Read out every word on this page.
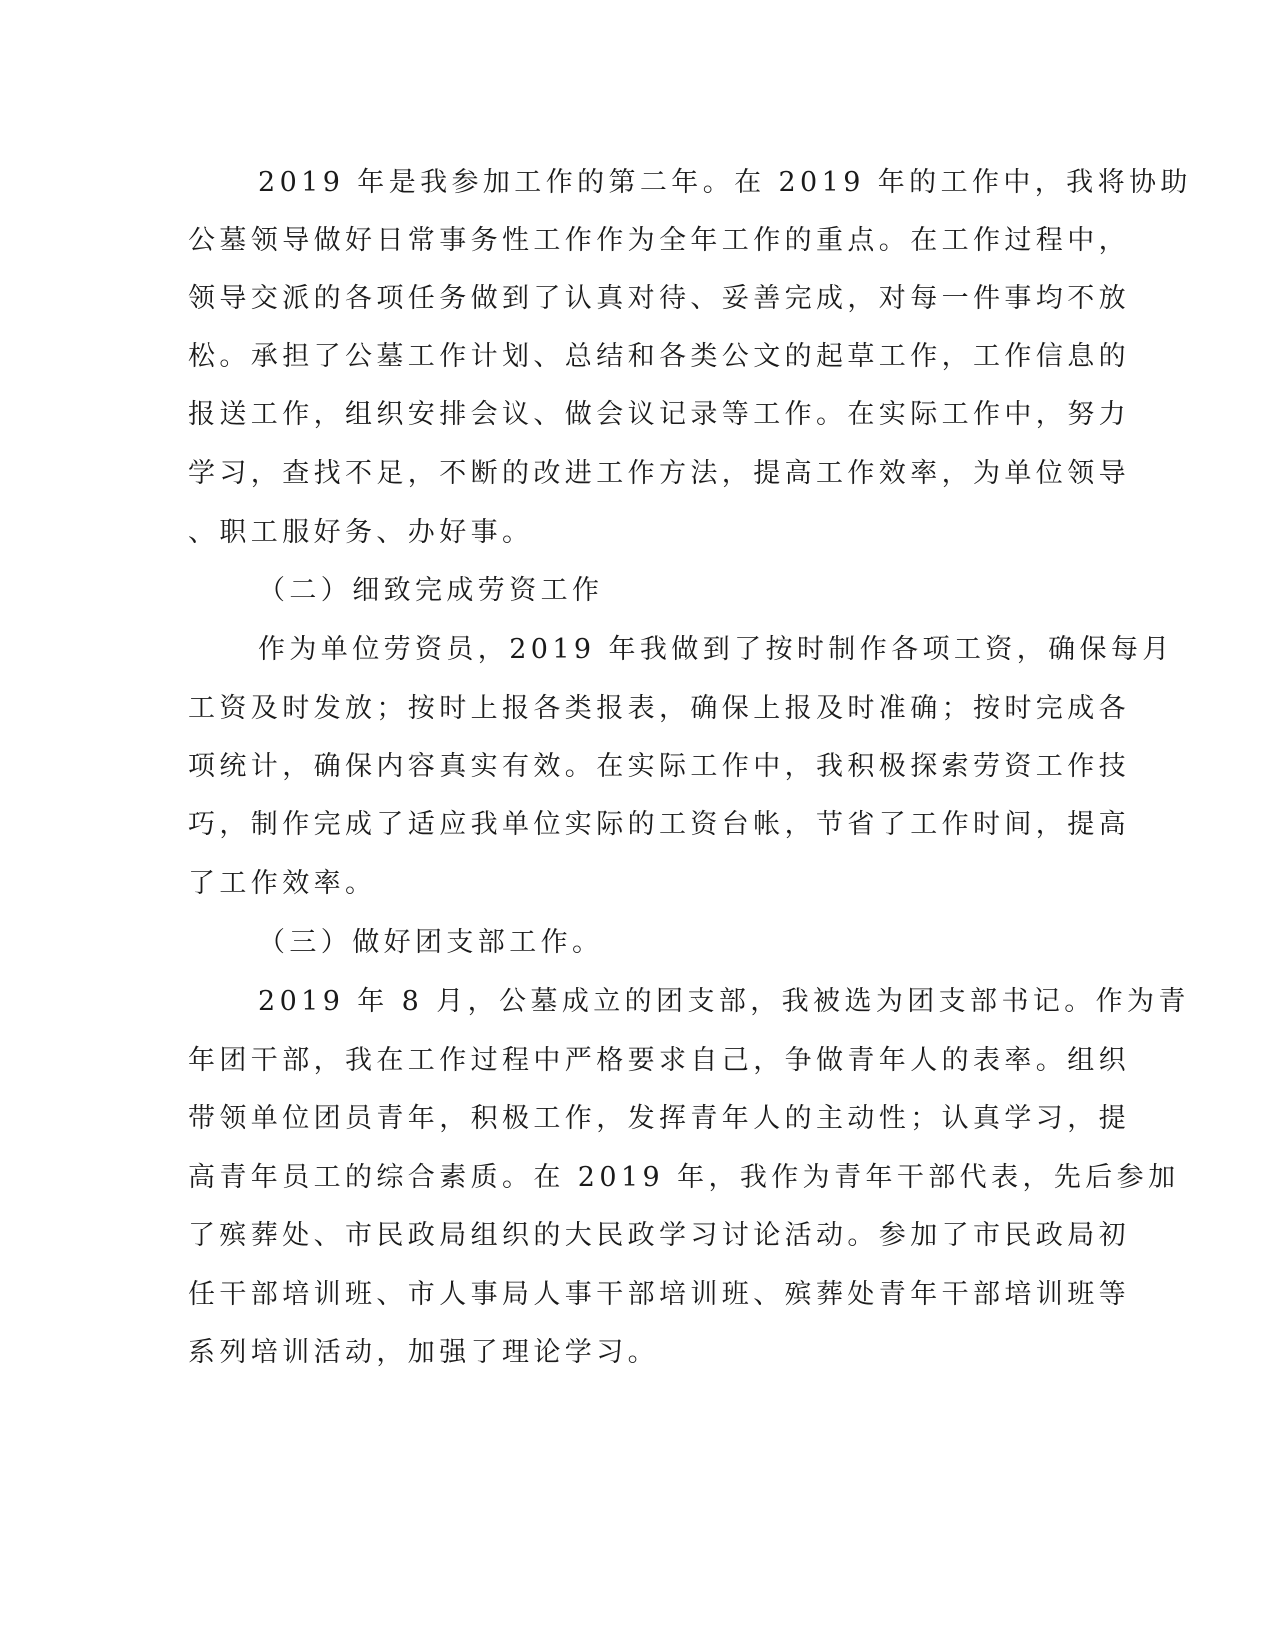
2019 年是我参加工作的第二年。在 2019 年的工作中，我将协助
公墓领导做好日常事务性工作作为全年工作的重点。在工作过程中，
领导交派的各项任务做到了认真对待、妥善完成，对每一件事均不放
松。承担了公墓工作计划、总结和各类公文的起草工作，工作信息的
报送工作，组织安排会议、做会议记录等工作。在实际工作中，努力
学习，查找不足，不断的改进工作方法，提高工作效率，为单位领导
、职工服好务、办好事。
（二）细致完成劳资工作
作为单位劳资员，2019 年我做到了按时制作各项工资，确保每月
工资及时发放；按时上报各类报表，确保上报及时准确；按时完成各
项统计，确保内容真实有效。在实际工作中，我积极探索劳资工作技
巧，制作完成了适应我单位实际的工资台帐，节省了工作时间，提高
了工作效率。
（三）做好团支部工作。
2019 年 8 月，公墓成立的团支部，我被选为团支部书记。作为青
年团干部，我在工作过程中严格要求自己，争做青年人的表率。组织
带领单位团员青年，积极工作，发挥青年人的主动性；认真学习，提
高青年员工的综合素质。在 2019 年，我作为青年干部代表，先后参加
了殡葬处、市民政局组织的大民政学习讨论活动。参加了市民政局初
任干部培训班、市人事局人事干部培训班、殡葬处青年干部培训班等
系列培训活动，加强了理论学习。
